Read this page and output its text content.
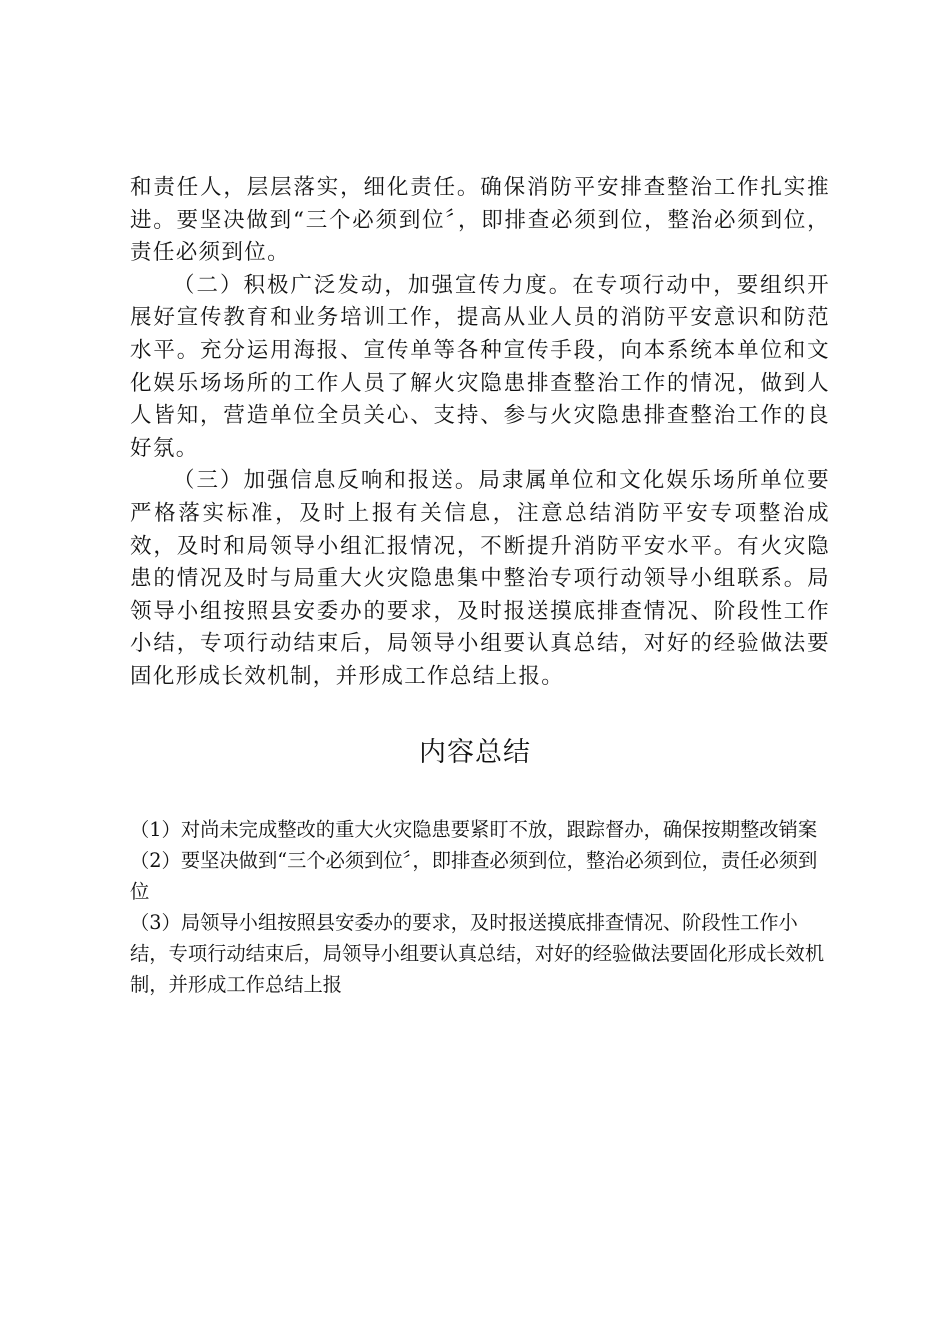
和责任人，层层落实，细化责任。确保消防平安排查整治工作扎实推进。要坚决做到“三个必须到位〞，即排查必须到位，整治必须到位，责任必须到位。

（二）积极广泛发动，加强宣传力度。在专项行动中，要组织开展好宣传教育和业务培训工作，提高从业人员的消防平安意识和防范水平。充分运用海报、宣传单等各种宣传手段，向本系统本单位和文化娱乐场场所的工作人员了解火灾隐患排查整治工作的情况，做到人人皆知，营造单位全员关心、支持、参与火灾隐患排查整治工作的良好氛。

（三）加强信息反响和报送。局隶属单位和文化娱乐场所单位要严格落实标准，及时上报有关信息，注意总结消防平安专项整治成效，及时和局领导小组汇报情况，不断提升消防平安水平。有火灾隐患的情况及时与局重大火灾隐患集中整治专项行动领导小组联系。局领导小组按照县安委办的要求，及时报送摸底排查情况、阶段性工作小结，专项行动结束后，局领导小组要认真总结，对好的经验做法要固化形成长效机制，并形成工作总结上报。

内容总结
（1）对尚未完成整改的重大火灾隐患要紧盯不放，跟踪督办，确保按期整改销案
（2）要坚决做到“三个必须到位〞，即排查必须到位，整治必须到位，责任必须到位
（3）局领导小组按照县安委办的要求，及时报送摸底排查情况、阶段性工作小结，专项行动结束后，局领导小组要认真总结，对好的经验做法要固化形成长效机制，并形成工作总结上报
